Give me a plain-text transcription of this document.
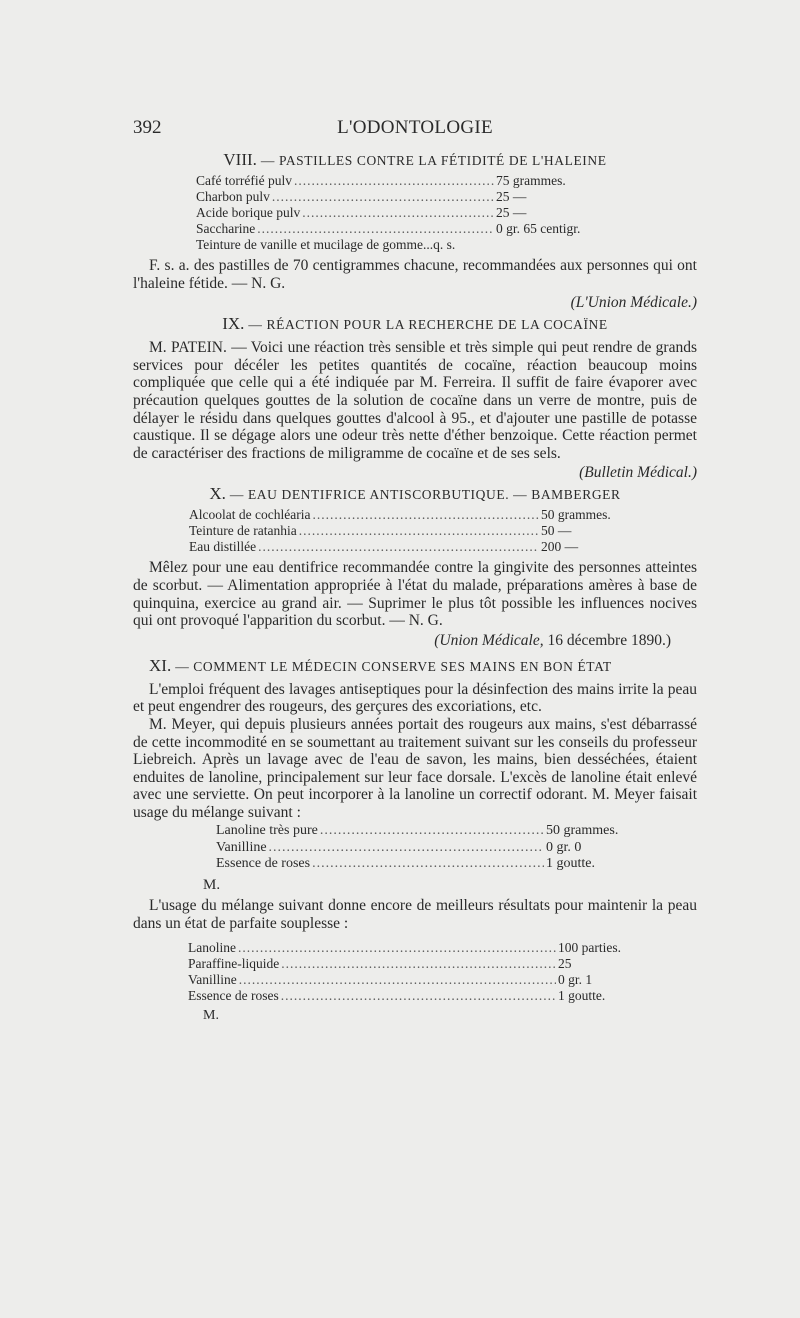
392	L'ODONTOLOGIE
VIII. — PASTILLES CONTRE LA FÉTIDITÉ DE L'HALEINE
Café torréfié pulv .....	75 grammes.
Charbon pulv .....	25 —
Acide borique pulv .....	25 —
Saccharine .....	0 gr. 65 centigr.
Teinture de vanille et mucilage de gomme...q. s.

F. s. a. des pastilles de 70 centigrammes chacune, recommandées aux personnes qui ont l'haleine fétide. — N. G.

(L'Union Médicale.)
IX. — RÉACTION POUR LA RECHERCHE DE LA COCAÏNE

M. PATEIN. — Voici une réaction très sensible et très simple qui peut rendre de grands services pour décéler les petites quantités de cocaïne, réaction beaucoup moins compliquée que celle qui a été indiquée par M. Ferreira. Il suffit de faire évaporer avec précaution quelques gouttes de la solution de cocaïne dans un verre de montre, puis de délayer le résidu dans quelques gouttes d'alcool à 95., et d'ajouter une pastille de potasse caustique. Il se dégage alors une odeur très nette d'éther benzoique. Cette réaction permet de caractériser des fractions de miligramme de cocaïne et de ses sels.

(Bulletin Médical.)
X. — EAU DENTIFRICE ANTISCORBUTIQUE. — BAMBERGER
Alcoolat de cochléaria .....	50 grammes.
Teinture de ratanhia .....	50 —
Eau distillée .....	200 —

Mêlez pour une eau dentifrice recommandée contre la gingivite des personnes atteintes de scorbut. — Alimentation appropriée à l'état du malade, préparations amères à base de quinquina, exercice au grand air. — Suprimer le plus tôt possible les influences nocives qui ont provoqué l'apparition du scorbut. — N. G.

(Union Médicale, 16 décembre 1890.)
XI. — COMMENT LE MÉDECIN CONSERVE SES MAINS EN BON ÉTAT

L'emploi fréquent des lavages antiseptiques pour la désinfection des mains irrite la peau et peut engendrer des rougeurs, des gerçures des excoriations, etc.

M. Meyer, qui depuis plusieurs années portait des rougeurs aux mains, s'est débarrassé de cette incommodité en se soumettant au traitement suivant sur les conseils du professeur Liebreich. Après un lavage avec de l'eau de savon, les mains, bien desséchées, étaient enduites de lanoline, principalement sur leur face dorsale. L'excès de lanoline était enlevé avec une serviette. On peut incorporer à la lanoline un correctif odorant. M. Meyer faisait usage du mélange suivant :

Lanoline très pure .....	50 grammes.
Vanilline .....	0 gr. 0
Essence de roses .....	1 goutte.
M.

L'usage du mélange suivant donne encore de meilleurs résultats pour maintenir la peau dans un état de parfaite souplesse :

Lanoline .....	100 parties.
Paraffine-liquide .....	25
Vanilline .....	0 gr. 1
Essence de roses .....	1 goutte.
M.
